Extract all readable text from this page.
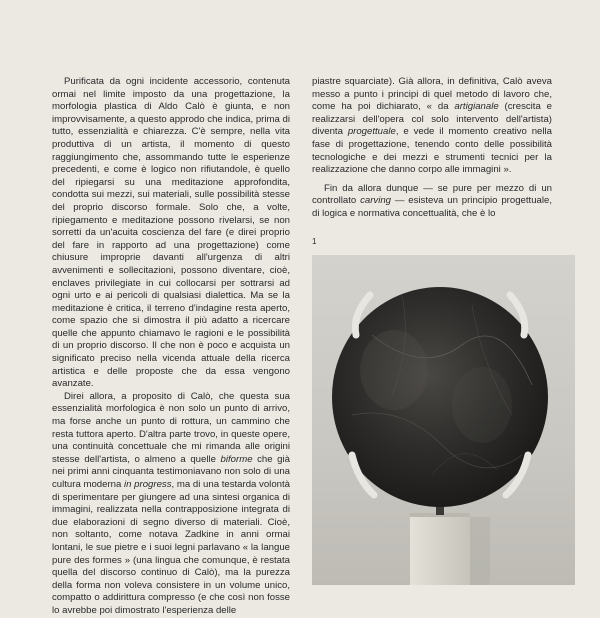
Purificata da ogni incidente accessorio, contenuta ormai nel limite imposto da una progettazione, la morfologia plastica di Aldo Calò è giunta, e non improvvisamente, a questo approdo che indica, prima di tutto, essenzialità e chiarezza. C'è sempre, nella vita produttiva di un artista, il momento di questo raggiungimento che, assommando tutte le esperienze precedenti, e come è logico non rifiutandole, è quello del ripiegarsi su una meditazione approfondita, condotta sui mezzi, sui materiali, sulle possibilità stesse del proprio discorso formale. Solo che, a volte, ripiegamento e meditazione possono rivelarsi, se non sorretti da un'acuita coscienza del fare (e direi proprio del fare in rapporto ad una progettazione) come chiusure improprie davanti all'urgenza di altri avvenimenti e sollecitazioni, possono diventare, cioè, enclaves privilegiate in cui collocarsi per sottrarsi ad ogni urto e ai pericoli di qualsiasi dialettica. Ma se la meditazione è critica, il terreno d'indagine resta aperto, come spazio che si dimostra il più adatto a ricercare quelle che appunto chiamavo le ragioni e le possibilità di un proprio discorso. Il che non è poco e acquista un significato preciso nella vicenda attuale della ricerca artistica e delle proposte che da essa vengono avanzate.

Direi allora, a proposito di Calò, che questa sua essenzialità morfologica è non solo un punto di arrivo, ma forse anche un punto di rottura, un cammino che resta tuttora aperto. D'altra parte trovo, in queste opere, una continuità concettuale che mi rimanda alle origini stesse dell'artista, o almeno a quelle biforme che già nei primi anni cinquanta testimoniavano non solo di una cultura moderna in progress, ma di una testarda volontà di sperimentare per giungere ad una sintesi organica di immagini, realizzata nella contrapposizione integrata di due elaborazioni di segno diverso di materiali. Cioè, non soltanto, come notava Zadkine in anni ormai lontani, le sue pietre e i suoi legni parlavano « la langue pure des formes » (una lingua che comunque, è restata quella del discorso continuo di Calò), ma la purezza della forma non voleva consistere in un volume unico, compatto o addirittura compresso (e che così non fosse lo avrebbe poi dimostrato l'esperienza delle

piastre squarciate). Già allora, in definitiva, Calò aveva messo a punto i principi di quel metodo di lavoro che, come ha poi dichiarato, « da artigianale (crescita e realizzarsi dell'opera col solo intervento dell'artista) diventa progettuale, e vede il momento creativo nella fase di progettazione, tenendo conto delle possibilità tecnologiche e dei mezzi e strumenti tecnici per la realizzazione che danno corpo alle immagini ».

Fin da allora dunque — se pure per mezzo di un controllato carving — esisteva un principio progettuale, di logica e normativa concettualità, che è lo

1
